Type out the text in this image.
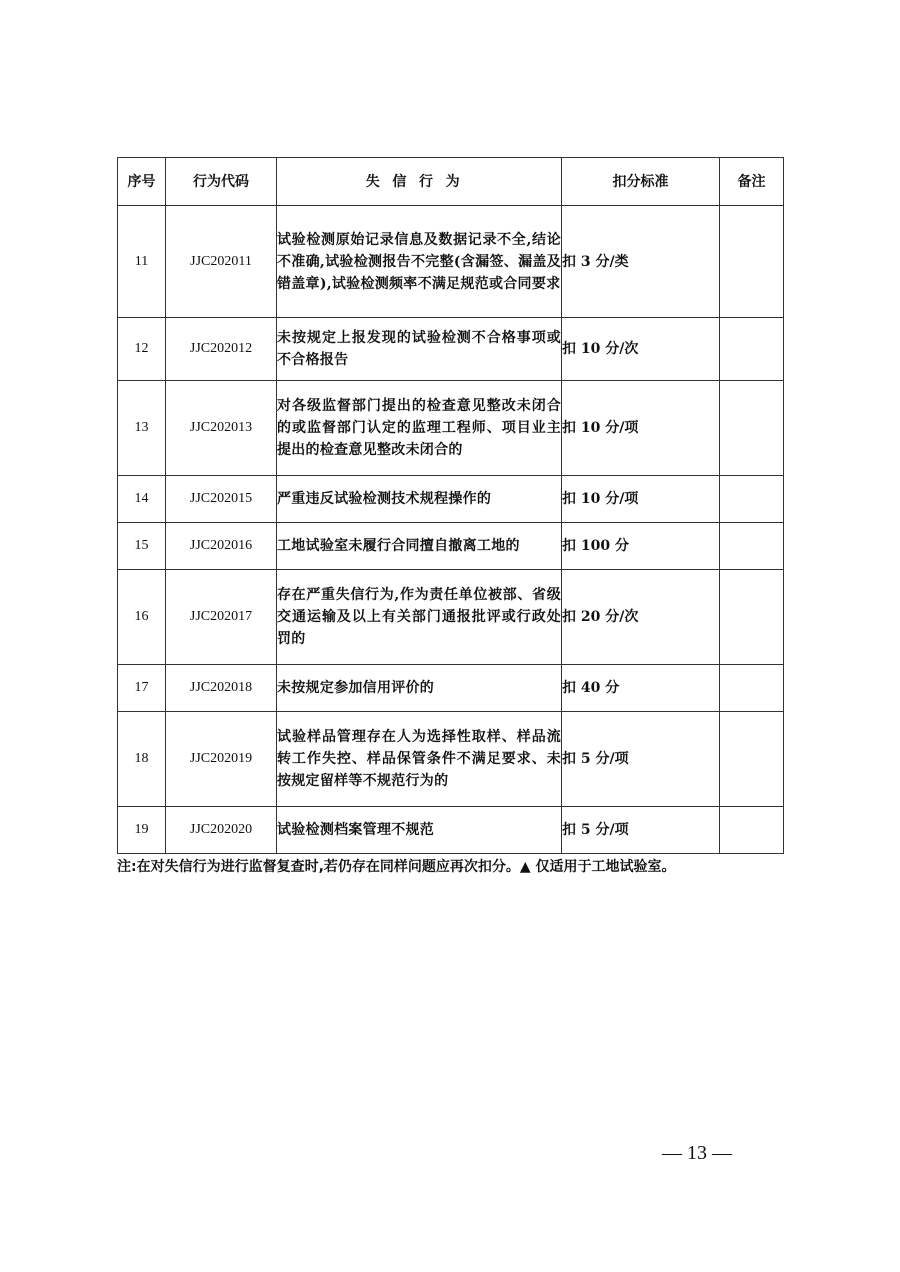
序号	行为代码	失信行为	扣分标准	备注
11	JJC202011	试验检测原始记录信息及数据记录不全,结论不准确,试验检测报告不完整(含漏签、漏盖及错盖章),试验检测频率不满足规范或合同要求	扣 3 分/类	
12	JJC202012	未按规定上报发现的试验检测不合格事项或不合格报告	扣 10 分/次	
13	JJC202013	对各级监督部门提出的检查意见整改未闭合的或监督部门认定的监理工程师、项目业主提出的检查意见整改未闭合的	扣 10 分/项	
14	JJC202015	严重违反试验检测技术规程操作的	扣 10 分/项	
15	JJC202016	工地试验室未履行合同擅自撤离工地的	扣 100 分	
16	JJC202017	存在严重失信行为,作为责任单位被部、省级交通运输及以上有关部门通报批评或行政处罚的	扣 20 分/次	
17	JJC202018	未按规定参加信用评价的	扣 40 分	
18	JJC202019	试验样品管理存在人为选择性取样、样品流转工作失控、样品保管条件不满足要求、未按规定留样等不规范行为的	扣 5 分/项	
19	JJC202020	试验检测档案管理不规范	扣 5 分/项	
注:在对失信行为进行监督复查时,若仍存在同样问题应再次扣分。▲ 仅适用于工地试验室。
— 13 —
